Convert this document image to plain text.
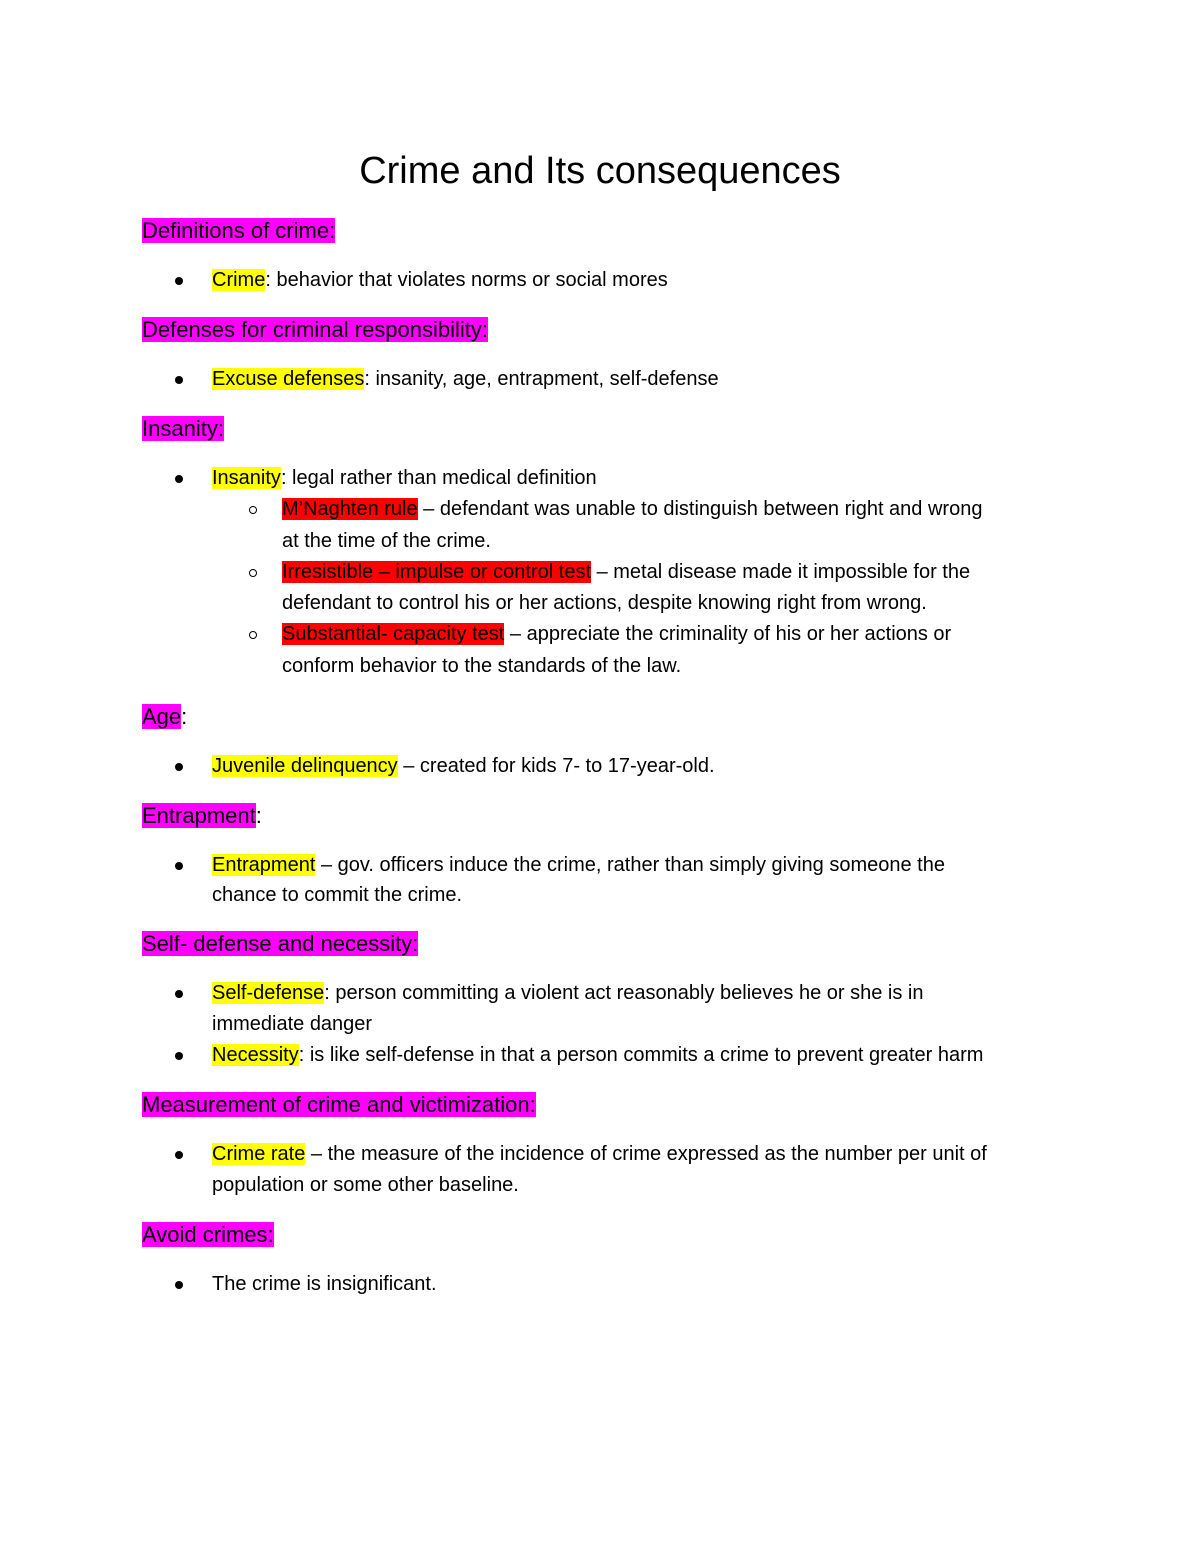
Crime and Its consequences
Definitions of crime:
Crime: behavior that violates norms or social mores
Defenses for criminal responsibility:
Excuse defenses: insanity, age, entrapment, self-defense
Insanity:
Insanity: legal rather than medical definition
M’Naghten rule – defendant was unable to distinguish between right and wrong
at the time of the crime.
Irresistible – impulse or control test – metal disease made it impossible for the
defendant to control his or her actions, despite knowing right from wrong.
Substantial- capacity test – appreciate the criminality of his or her actions or
conform behavior to the standards of the law.
Age:
Juvenile delinquency – created for kids 7- to 17-year-old.
Entrapment:
Entrapment – gov. officers induce the crime, rather than simply giving someone the
chance to commit the crime.
Self- defense and necessity:
Self-defense: person committing a violent act reasonably believes he or she is in
immediate danger
Necessity: is like self-defense in that a person commits a crime to prevent greater harm
Measurement of crime and victimization:
Crime rate – the measure of the incidence of crime expressed as the number per unit of
population or some other baseline.
Avoid crimes:
The crime is insignificant.
